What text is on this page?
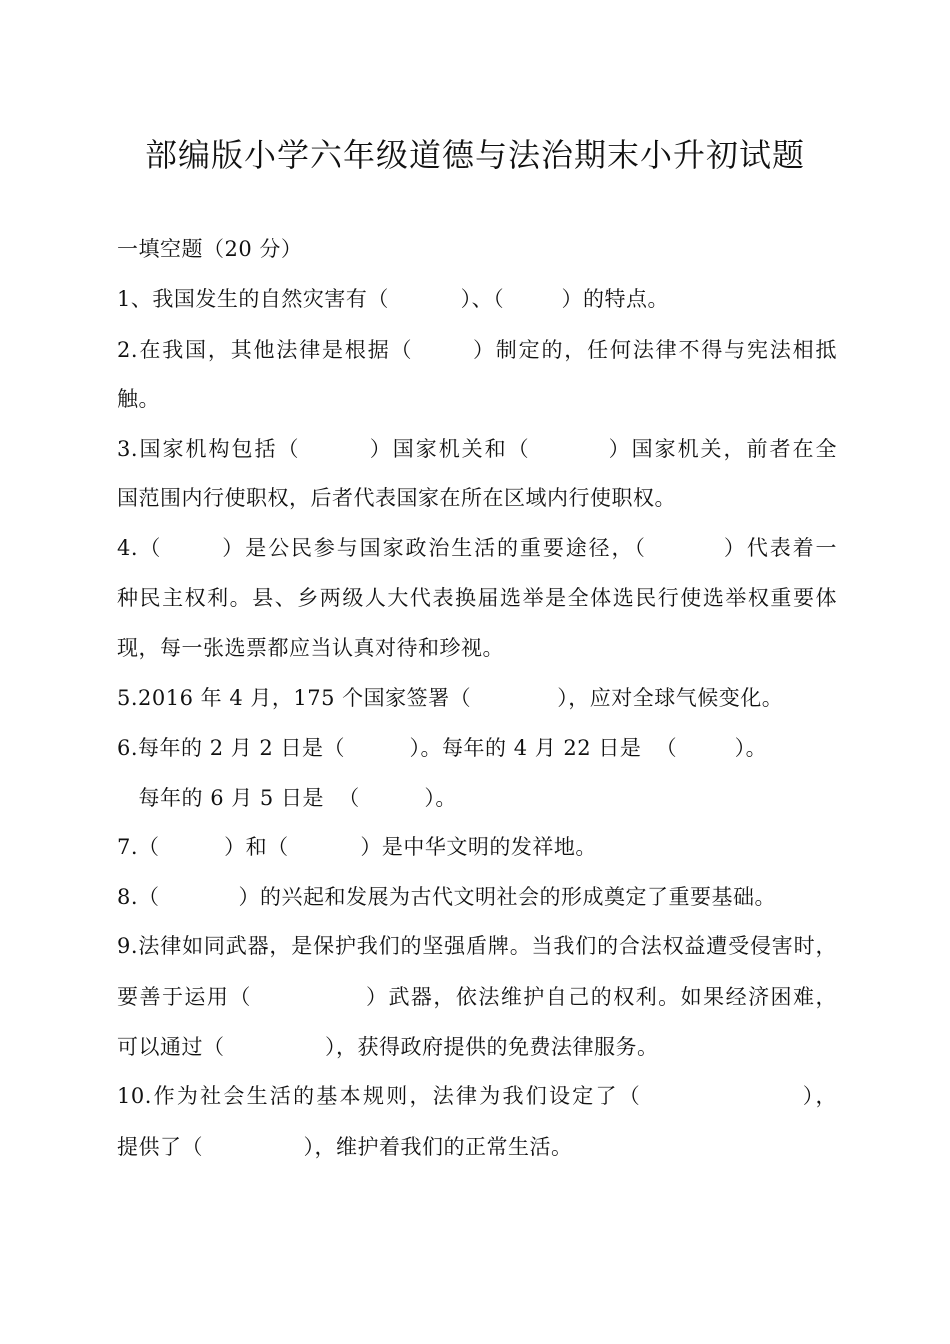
部编版小学六年级道德与法治期末小升初试题
一填空题（20 分）
1、我国发生的自然灾害有（          ）、（        ）的特点。
2.在我国，其他法律是根据（       ）制定的，任何法律不得与宪法相抵
触。
3.国家机构包括（        ）国家机关和（         ）国家机关，前者在全
国范围内行使职权，后者代表国家在所在区域内行使职权。
4.（       ）是公民参与国家政治生活的重要途径，（         ）代表着一
种民主权利。县、乡两级人大代表换届选举是全体选民行使选举权重要体
现，每一张选票都应当认真对待和珍视。
5.2016 年 4 月，175 个国家签署（            ），应对全球气候变化。
6.每年的 2 月 2 日是（         ）。每年的 4 月 22 日是  （        ）。
每年的 6 月 5 日是  （         ）。
7.（         ）和（          ）是中华文明的发祥地。
8.（           ）的兴起和发展为古代文明社会的形成奠定了重要基础。
9.法律如同武器，是保护我们的坚强盾牌。当我们的合法权益遭受侵害时，
要善于运用（              ）武器，依法维护自己的权利。如果经济困难，
可以通过（              ），获得政府提供的免费法律服务。
10.作为社会生活的基本规则，法律为我们设定了（                  ），
提供了（              ），维护着我们的正常生活。
